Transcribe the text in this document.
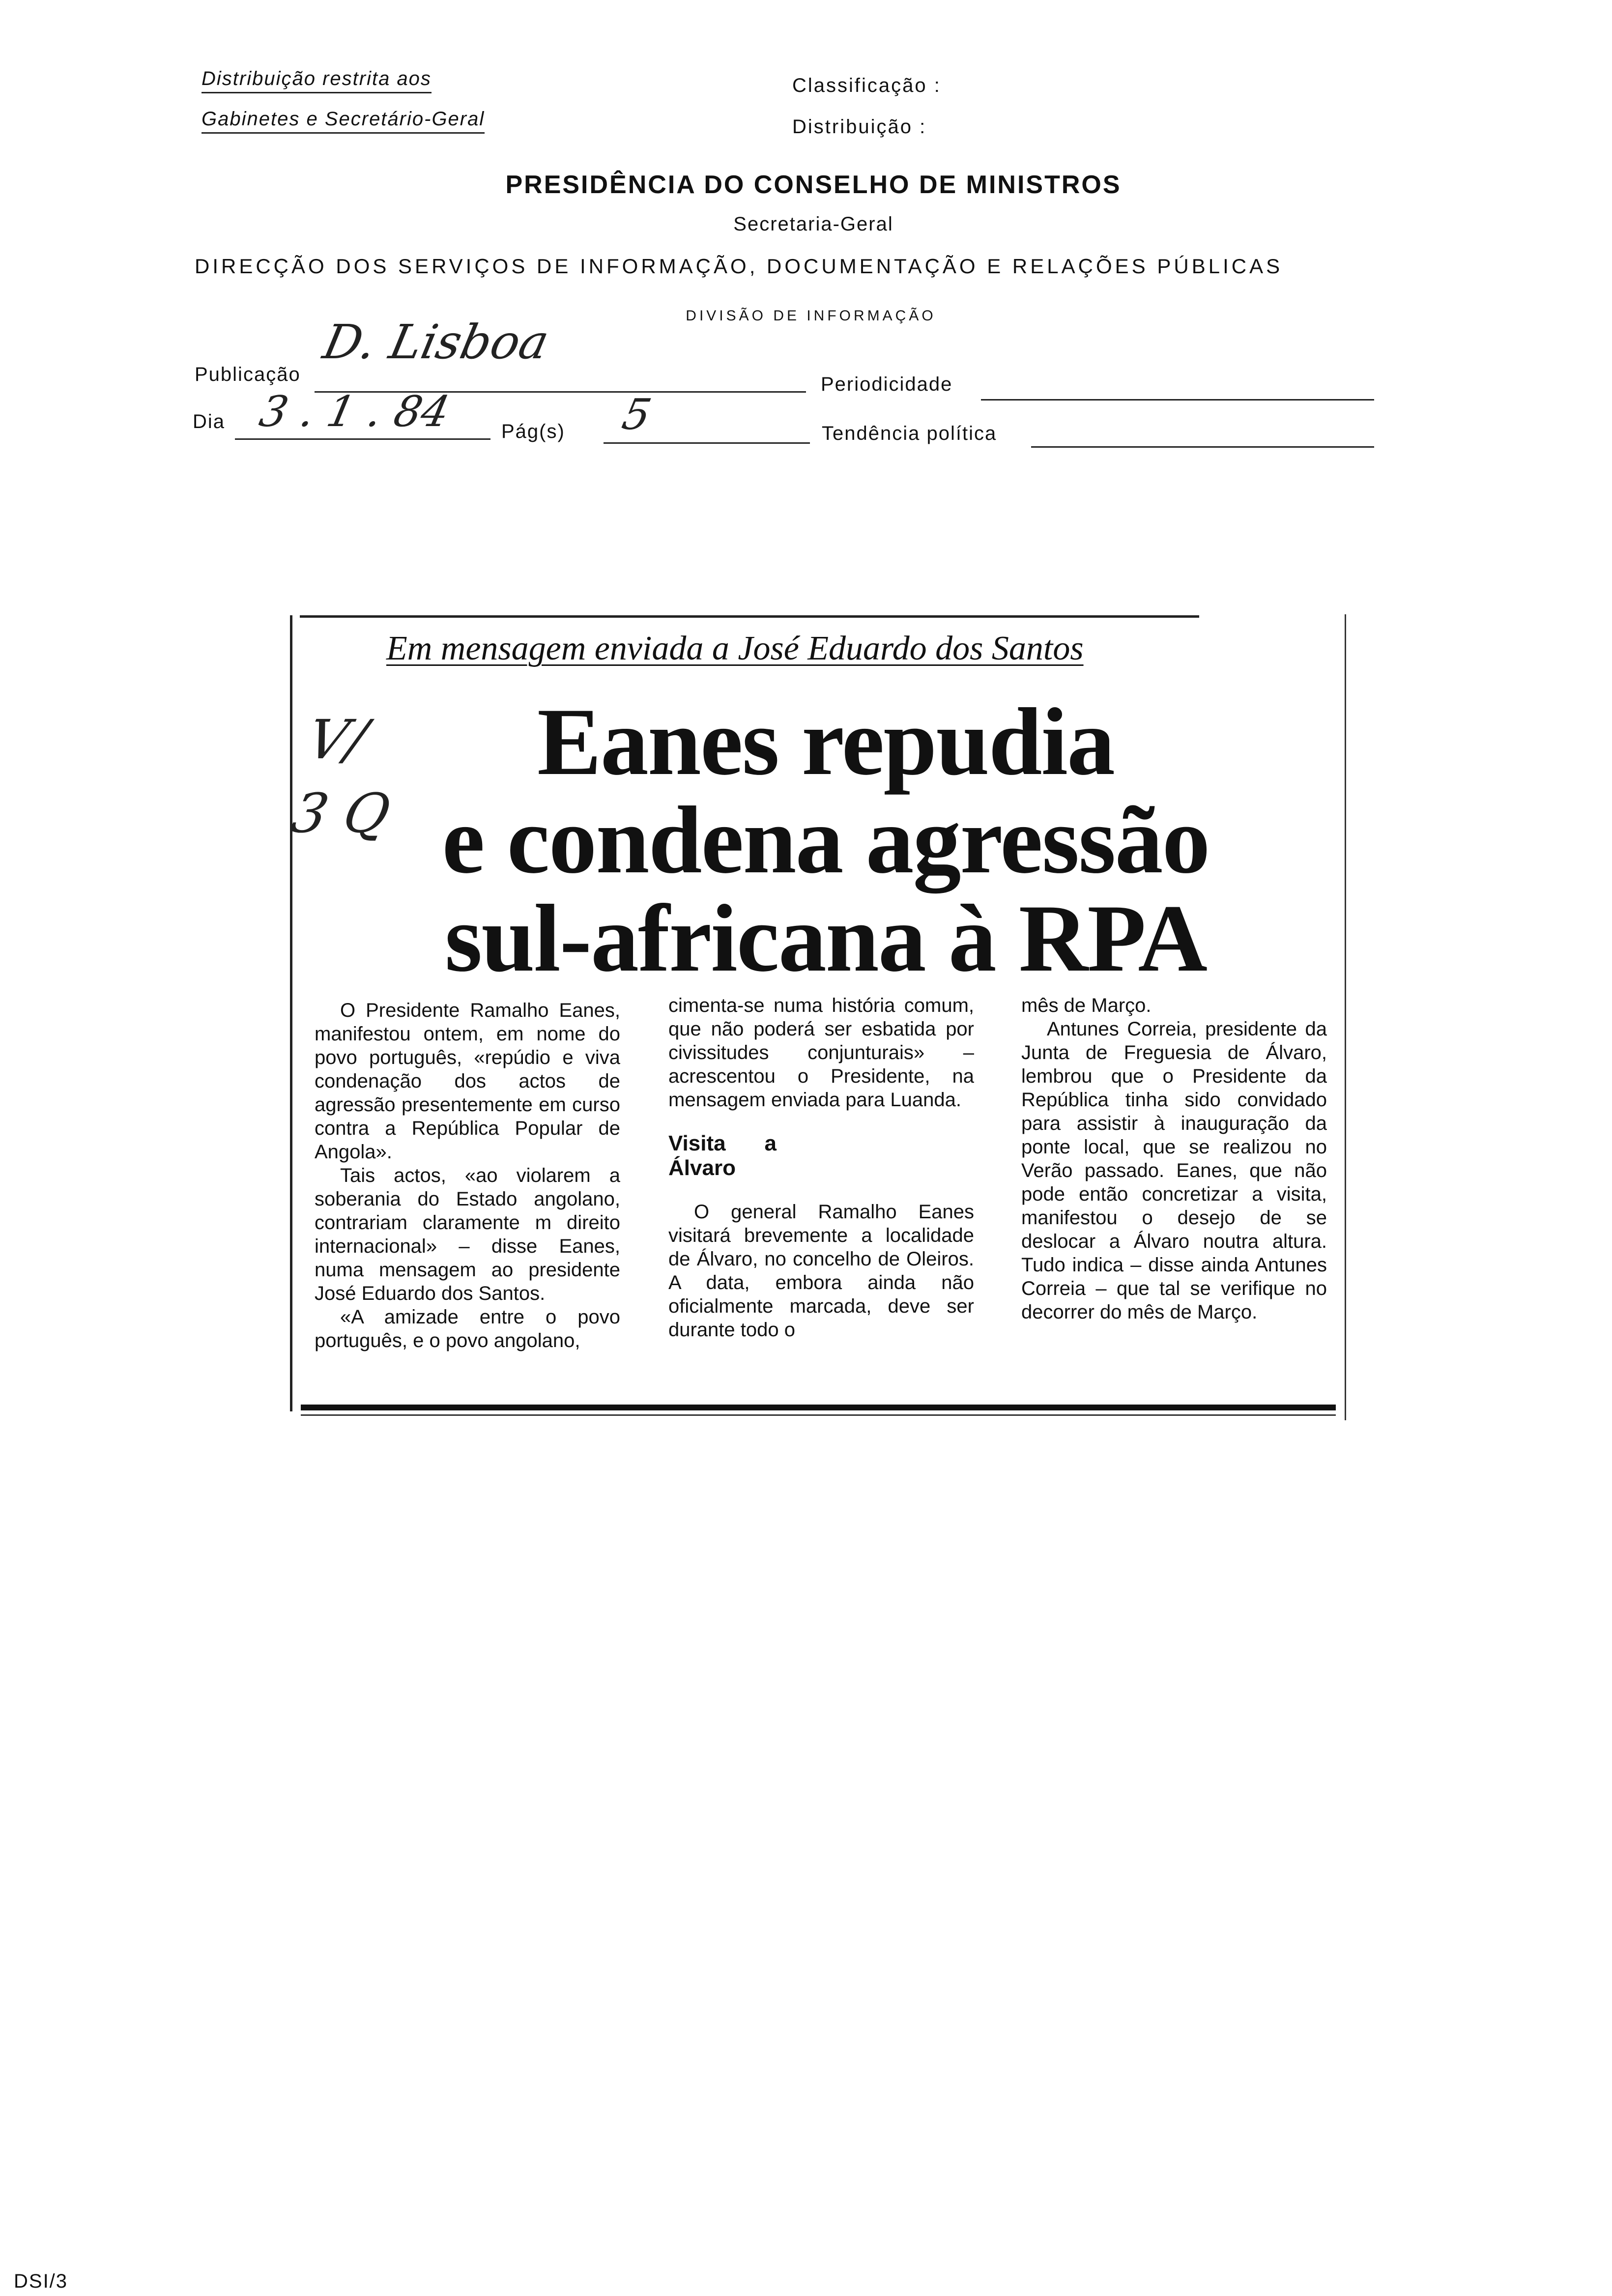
Distribuição restrita aos
Gabinetes e Secretário-Geral
Classificação :
Distribuição :
PRESIDÊNCIA DO CONSELHO DE MINISTROS
Secretaria-Geral
DIRECÇÃO DOS SERVIÇOS DE INFORMAÇÃO, DOCUMENTAÇÃO E RELAÇÕES PÚBLICAS
DIVISÃO DE INFORMAÇÃO
Publicação
D. Lisboa
Periodicidade
Dia 3 . 1 . 84 Pág(s) 5	Tendência política
Em mensagem enviada a José Eduardo dos Santos
V/ 3 Q
Eanes repudia
e condena agressão
sul-africana à RPA

O Presidente Ramalho Eanes, manifestou ontem, em nome do povo português, «repúdio e viva condenação dos actos de agressão presentemente em curso contra a República Popular de Angola».

Tais actos, «ao violarem a soberania do Estado angolano, contrariam claramente m direito internacional» – disse Eanes, numa mensagem ao presidente José Eduardo dos Santos.

«A amizade entre o povo português, e o povo angolano,

cimenta-se numa história comum, que não poderá ser esbatida por civissitudes conjunturais» – acrescentou o Presidente, na mensagem enviada para Luanda.

Visita a Álvaro

O general Ramalho Eanes visitará brevemente a localidade de Álvaro, no concelho de Oleiros. A data, embora ainda não oficialmente marcada, deve ser durante todo o

mês de Março.

Antunes Correia, presidente da Junta de Freguesia de Álvaro, lembrou que o Presidente da República tinha sido convidado para assistir à inauguração da ponte local, que se realizou no Verão passado. Eanes, que não pode então concretizar a visita, manifestou o desejo de se deslocar a Álvaro noutra altura. Tudo indica – disse ainda Antunes Correia – que tal se verifique no decorrer do mês de Março.

DSI/3
